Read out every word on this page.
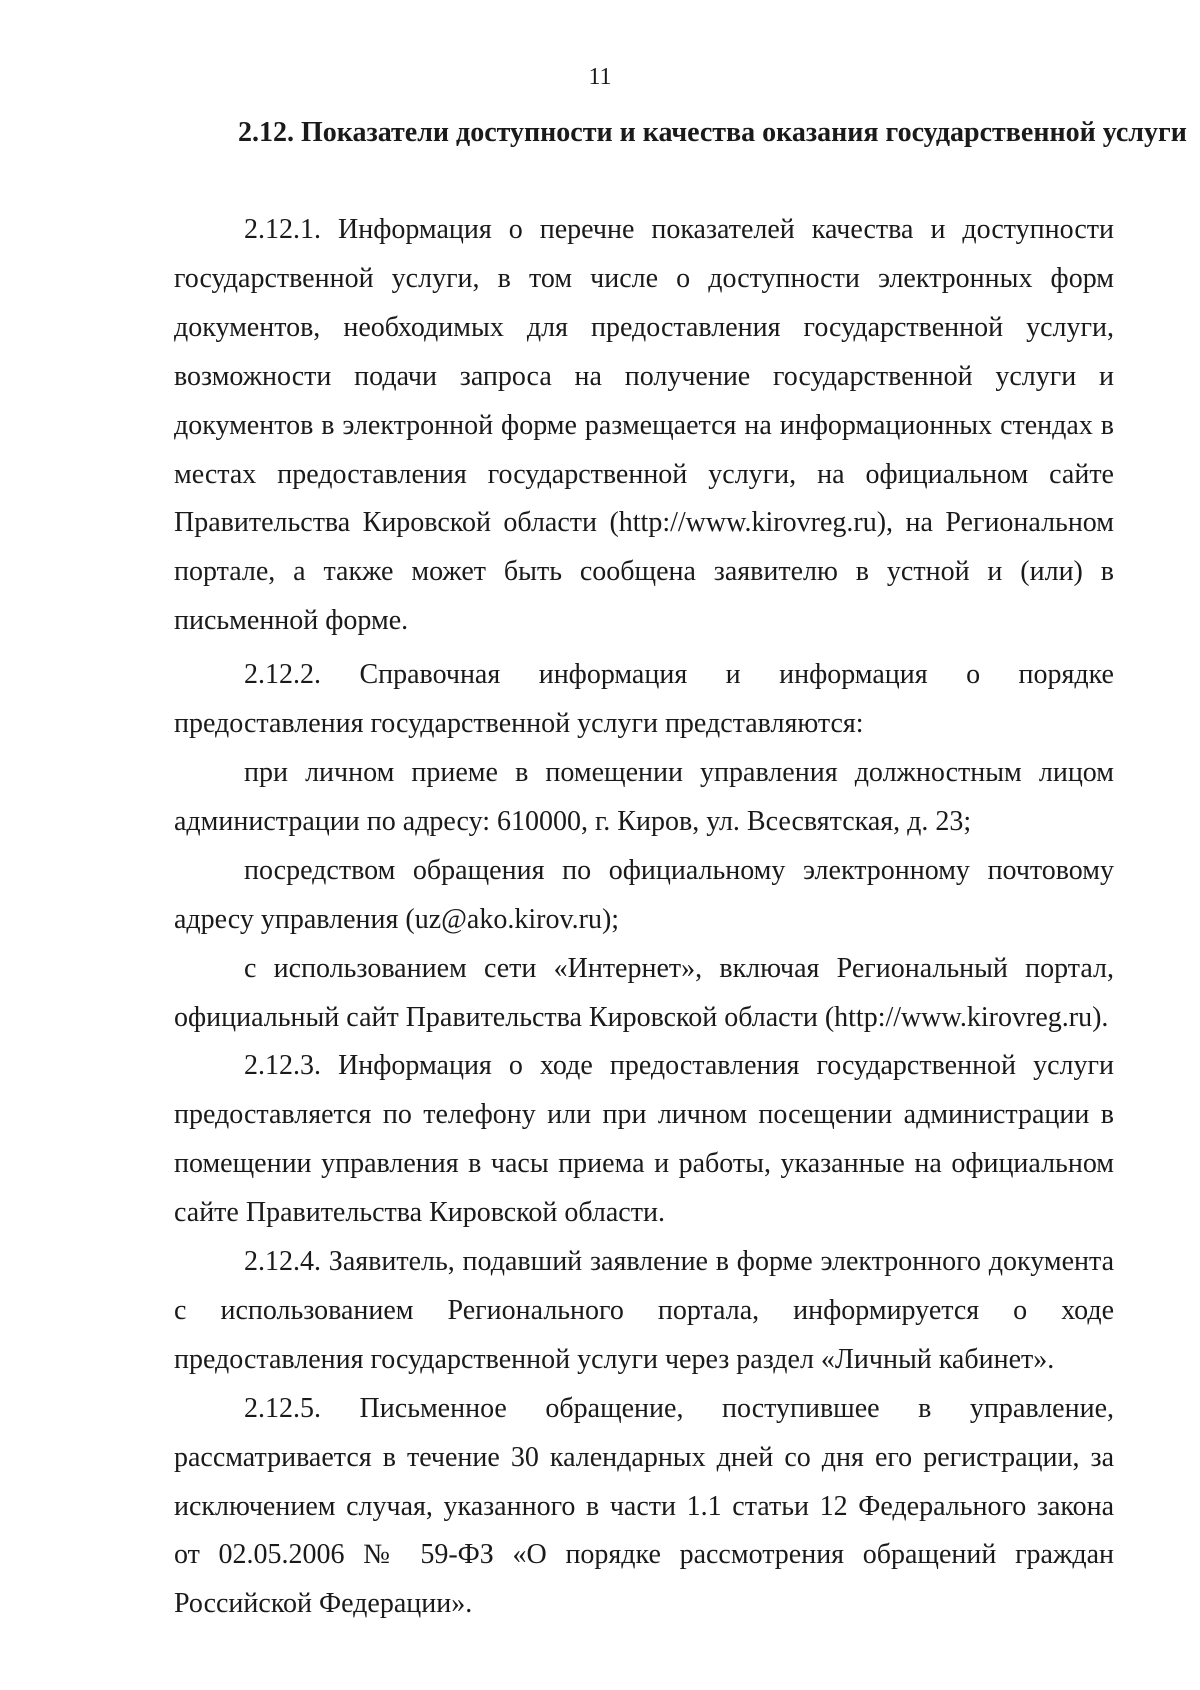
11
2.12. Показатели доступности и качества оказания государственной услуги

2.12.1. Информация о перечне показателей качества и доступности государственной услуги, в том числе о доступности электронных форм документов, необходимых для предоставления государственной услуги, возможности подачи запроса на получение государственной услуги и документов в электронной форме размещается на информационных стендах в местах предоставления государственной услуги, на официальном сайте Правительства Кировской области (http://www.kirovreg.ru), на Региональном портале, а также может быть сообщена заявителю в устной и (или) в письменной форме.

2.12.2. Справочная информация и информация о порядке предоставления государственной услуги представляются:

при личном приеме в помещении управления должностным лицом администрации по адресу: 610000, г. Киров, ул. Всесвятская, д. 23;

посредством обращения по официальному электронному почтовому адресу управления (uz@ako.kirov.ru);

с использованием сети «Интернет», включая Региональный портал, официальный сайт Правительства Кировской области (http://www.kirovreg.ru).

2.12.3. Информация о ходе предоставления государственной услуги предоставляется по телефону или при личном посещении администрации в помещении управления в часы приема и работы, указанные на официальном сайте Правительства Кировской области.

2.12.4. Заявитель, подавший заявление в форме электронного документа с использованием Регионального портала, информируется о ходе предоставления государственной услуги через раздел «Личный кабинет».

2.12.5. Письменное обращение, поступившее в управление, рассматривается в течение 30 календарных дней со дня его регистрации, за исключением случая, указанного в части 1.1 статьи 12 Федерального закона от 02.05.2006 № 59-ФЗ «О порядке рассмотрения обращений граждан Российской Федерации».
